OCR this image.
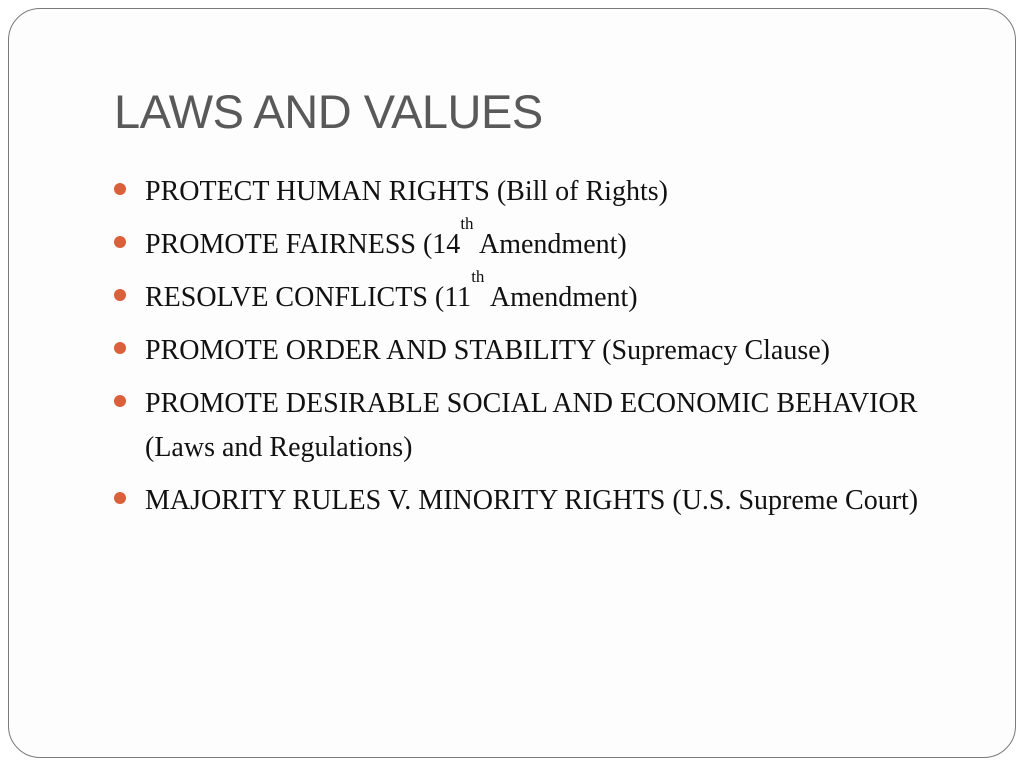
LAWS AND VALUES
PROTECT HUMAN RIGHTS (Bill of Rights)
PROMOTE FAIRNESS (14th Amendment)
RESOLVE CONFLICTS (11th Amendment)
PROMOTE ORDER AND STABILITY (Supremacy Clause)
PROMOTE DESIRABLE SOCIAL AND ECONOMIC BEHAVIOR (Laws and Regulations)
MAJORITY RULES V. MINORITY RIGHTS (U.S. Supreme Court)
